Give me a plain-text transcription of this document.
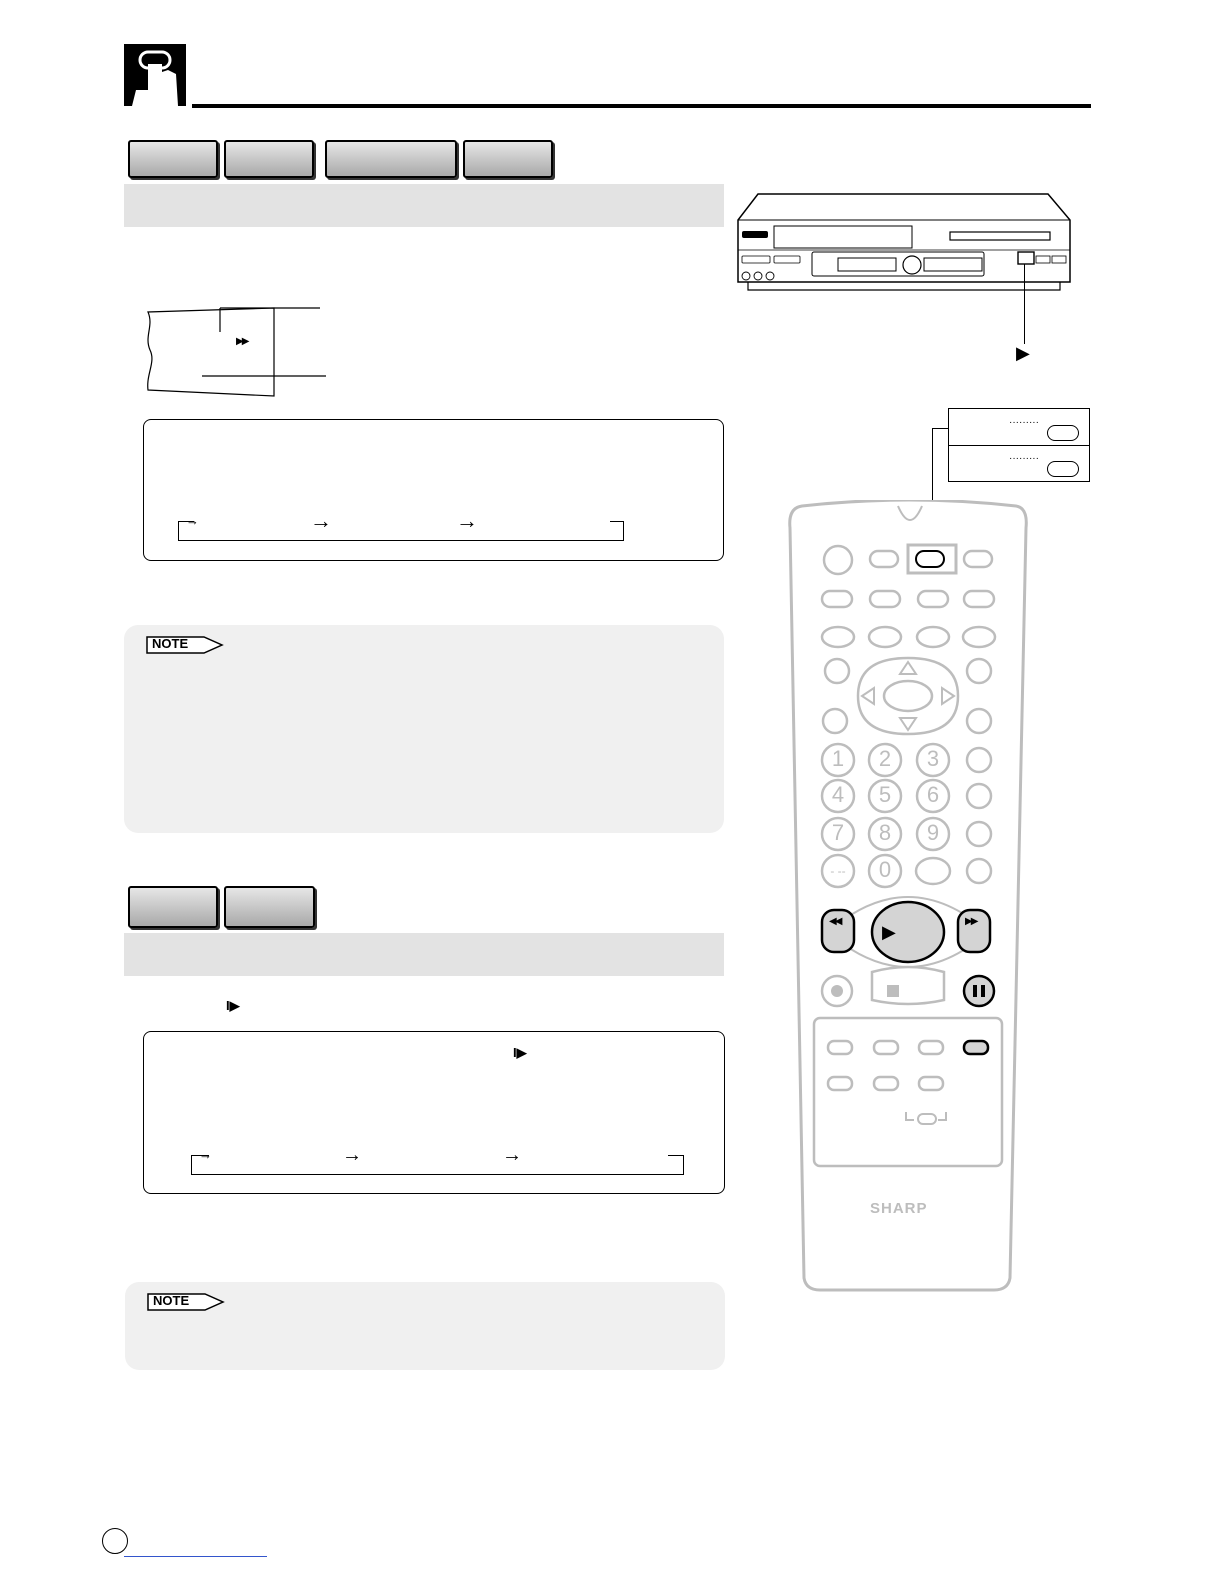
▶▶
→	→	→
NOTE
I▶
I▶
→	→	→
NOTE
▶
·········
·········
1 2 3
4 5 6
7 8 9
- -- 0
▶
◀◀	▶▶
SHARP
